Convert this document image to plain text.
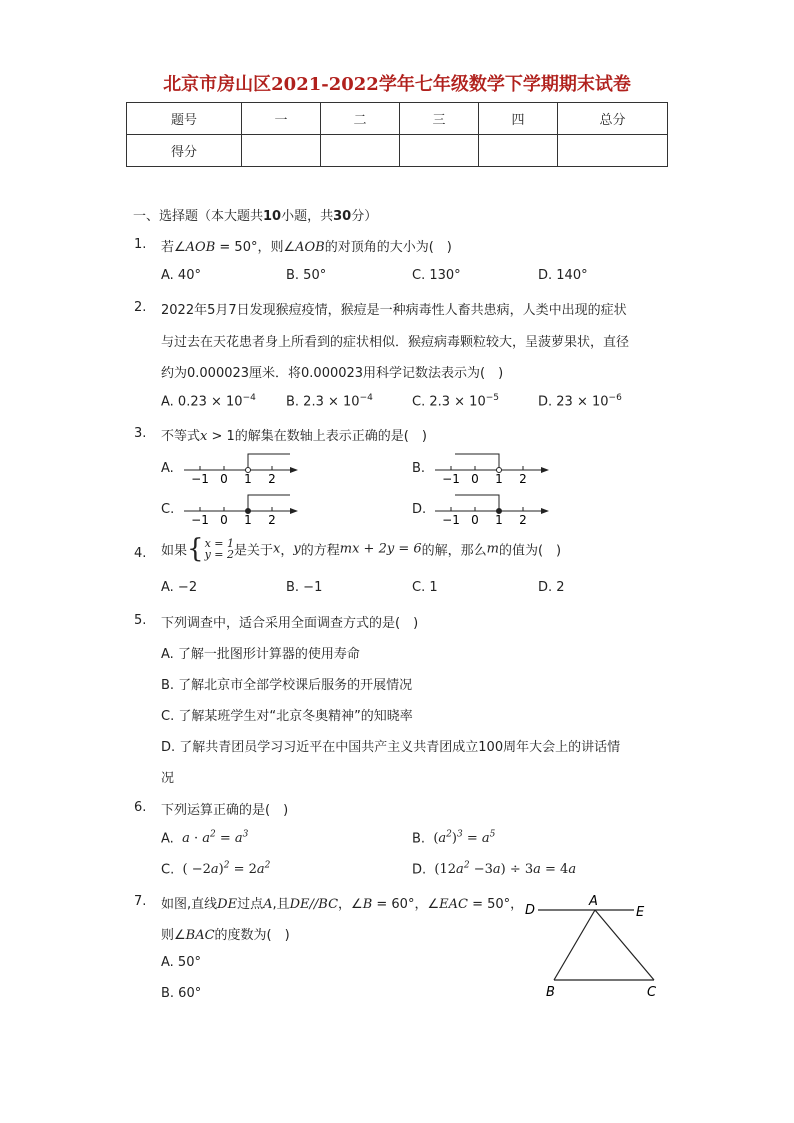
北京市房山区2021-2022学年七年级数学下学期期末试卷
题号	一	二	三	四	总分
得分					
一、选择题（本大题共10小题，共30分）
1. 若∠AOB = 50°，则∠AOB的对顶角的大小为(　)
A. 40°	B. 50°	C. 130°	D. 140°
2. 2022年5月7日发现猴痘疫情，猴痘是一种病毒性人畜共患病，人类中出现的症状
与过去在天花患者身上所看到的症状相似．猴痘病毒颗粒较大，呈菠萝果状，直径
约为0.000023厘米．将0.000023用科学记数法表示为(　)
A. $0.23 \times 10^{-4}$ B. $2.3 \times 10^{-4}$	C. $2.3 \times 10^{-5}$	D. $23 \times 10^{-6}$
3. 不等式x > 1的解集在数轴上表示正确的是(　)
A.	B.
C.	D.
−1 0 1 2	−1 0 1 2
−1 0 1 2	−1 0 1 2
4. 如果{x = 1
y = 2是关于x，y的方程mx + 2y = 6的解，那么m的值为(　)
A. −2	B. −1	C. 1	D. 2
5. 下列调查中，适合采用全面调查方式的是(　)
A. 了解一批图形计算器的使用寿命
B. 了解北京市全部学校课后服务的开展情况
C. 了解某班学生对“北京冬奥精神”的知晓率
D. 了解共青团员学习习近平在中国共产主义共青团成立100周年大会上的讲话情
况
6. 下列运算正确的是(　)
A. $a \cdot a^2 = a^3$	B. $(a^2)^3 = a^5$
C. ( $-2a)^2 = 2a^2$	D. $(12a^2 -3a) \div 3a = 4a$
7. 如图,直线DE过点A,且DE//BC，∠B = 60°，∠EAC = 50°，
则∠BAC的度数为(　)
A. 50°
B. 60°
D
A
E
B	C
